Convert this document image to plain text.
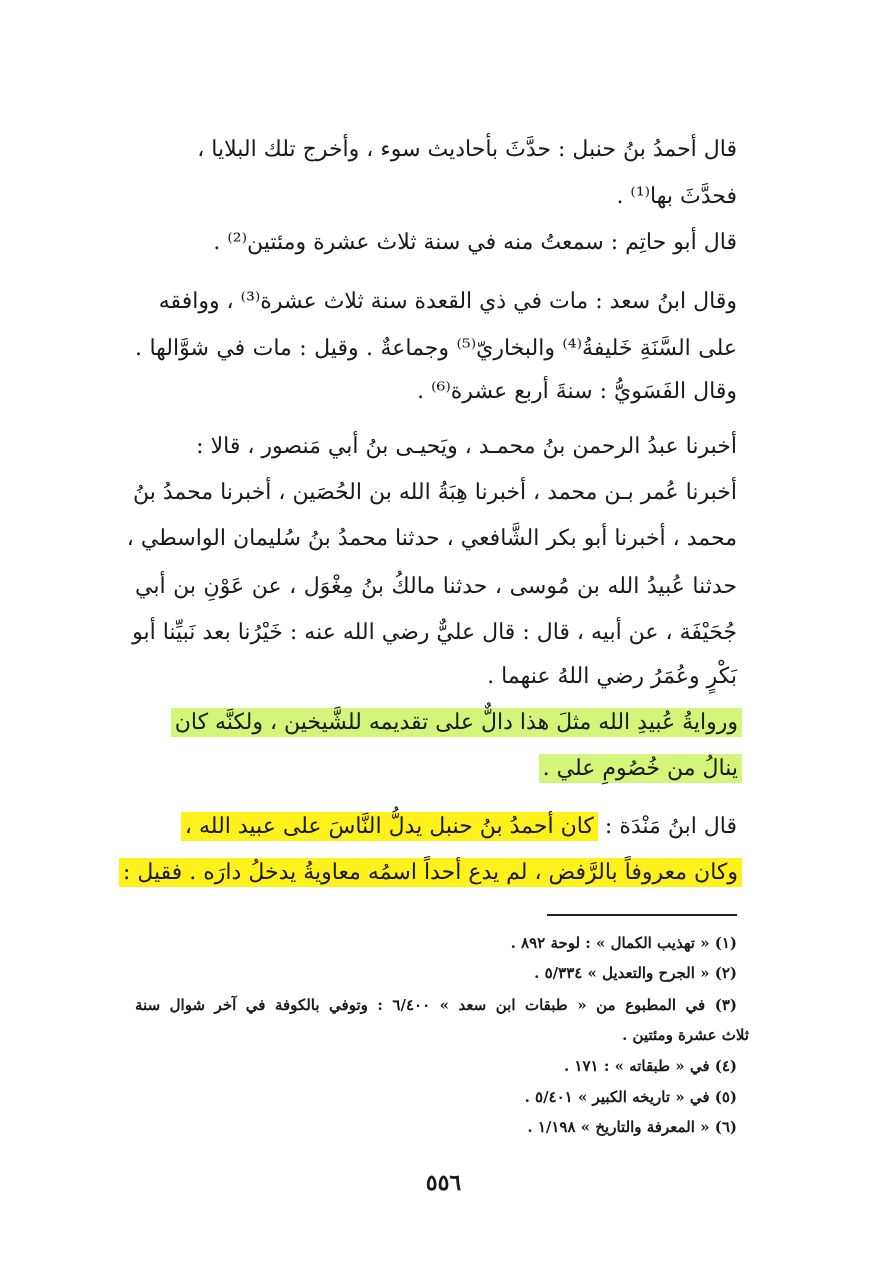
قال أحمدُ بنُ حنبل : حدَّثَ بأحاديث سوء ، وأخرج تلك البلايا ،
فحدَّثَ بها⁽¹⁾ .
قال أبو حاتِم : سمعتُ منه في سنة ثلاث عشرة ومئتين⁽²⁾ .
وقال ابنُ سعد : مات في ذي القعدة سنة ثلاث عشرة⁽³⁾ ، ووافقه
على السَّنَةِ خَليفةُ⁽⁴⁾ والبخاريّ⁽⁵⁾ وجماعةٌ . وقيل : مات في شوَّالها .
وقال الفَسَويُّ : سنةَ أربع عشرة⁽⁶⁾ .
أخبرنا عبدُ الرحمن بنُ محمـد ، ويَحيـى بنُ أبي مَنصور ، قالا :
أخبرنا عُمر بـن محمد ، أخبرنا هِبَةُ الله بن الحُصَين ، أخبرنا محمدُ بنُ
محمد ، أخبرنا أبو بكر الشَّافعي ، حدثنا محمدُ بنُ سُليمان الواسطي ،
حدثنا عُبيدُ الله بن مُوسى ، حدثنا مالكُ بنُ مِغْوَل ، عن عَوْنِ بن أبي
جُحَيْفَة ، عن أبيه ، قال : قال عليٌّ رضي الله عنه : خَيْرُنا بعد نَبيِّنا أبو
بَكْرٍ وعُمَرُ رضي اللهُ عنهما .
وروايةُ عُبيدِ الله مثلَ هذا دالٌّ على تقديمه للشَّيخين ، ولكنَّه كان
ينالُ من خُصُومِ علي .
قال ابنُ مَنْدَة : كان أحمدُ بنُ حنبل يدلُّ النَّاسَ على عبيد الله ،
وكان معروفاً بالرَّفض ، لم يدع أحداً اسمُه معاويةُ يدخلُ دارَه . فقيل :
(١) « تهذيب الكمال » : لوحة ٨٩٢ .
(٢) « الجرح والتعديل » ٥/٣٣٤ .
(٣) في المطبوع من « طبقات ابن سعد » ٦/٤٠٠ : وتوفي بالكوفة في آخر شوال سنة
ثلاث عشرة ومئتين .
(٤) في « طبقاته » : ١٧١ .
(٥) في « تاريخه الكبير » ٥/٤٠١ .
(٦) « المعرفة والتاريخ » ١/١٩٨ .
٥٥٦
